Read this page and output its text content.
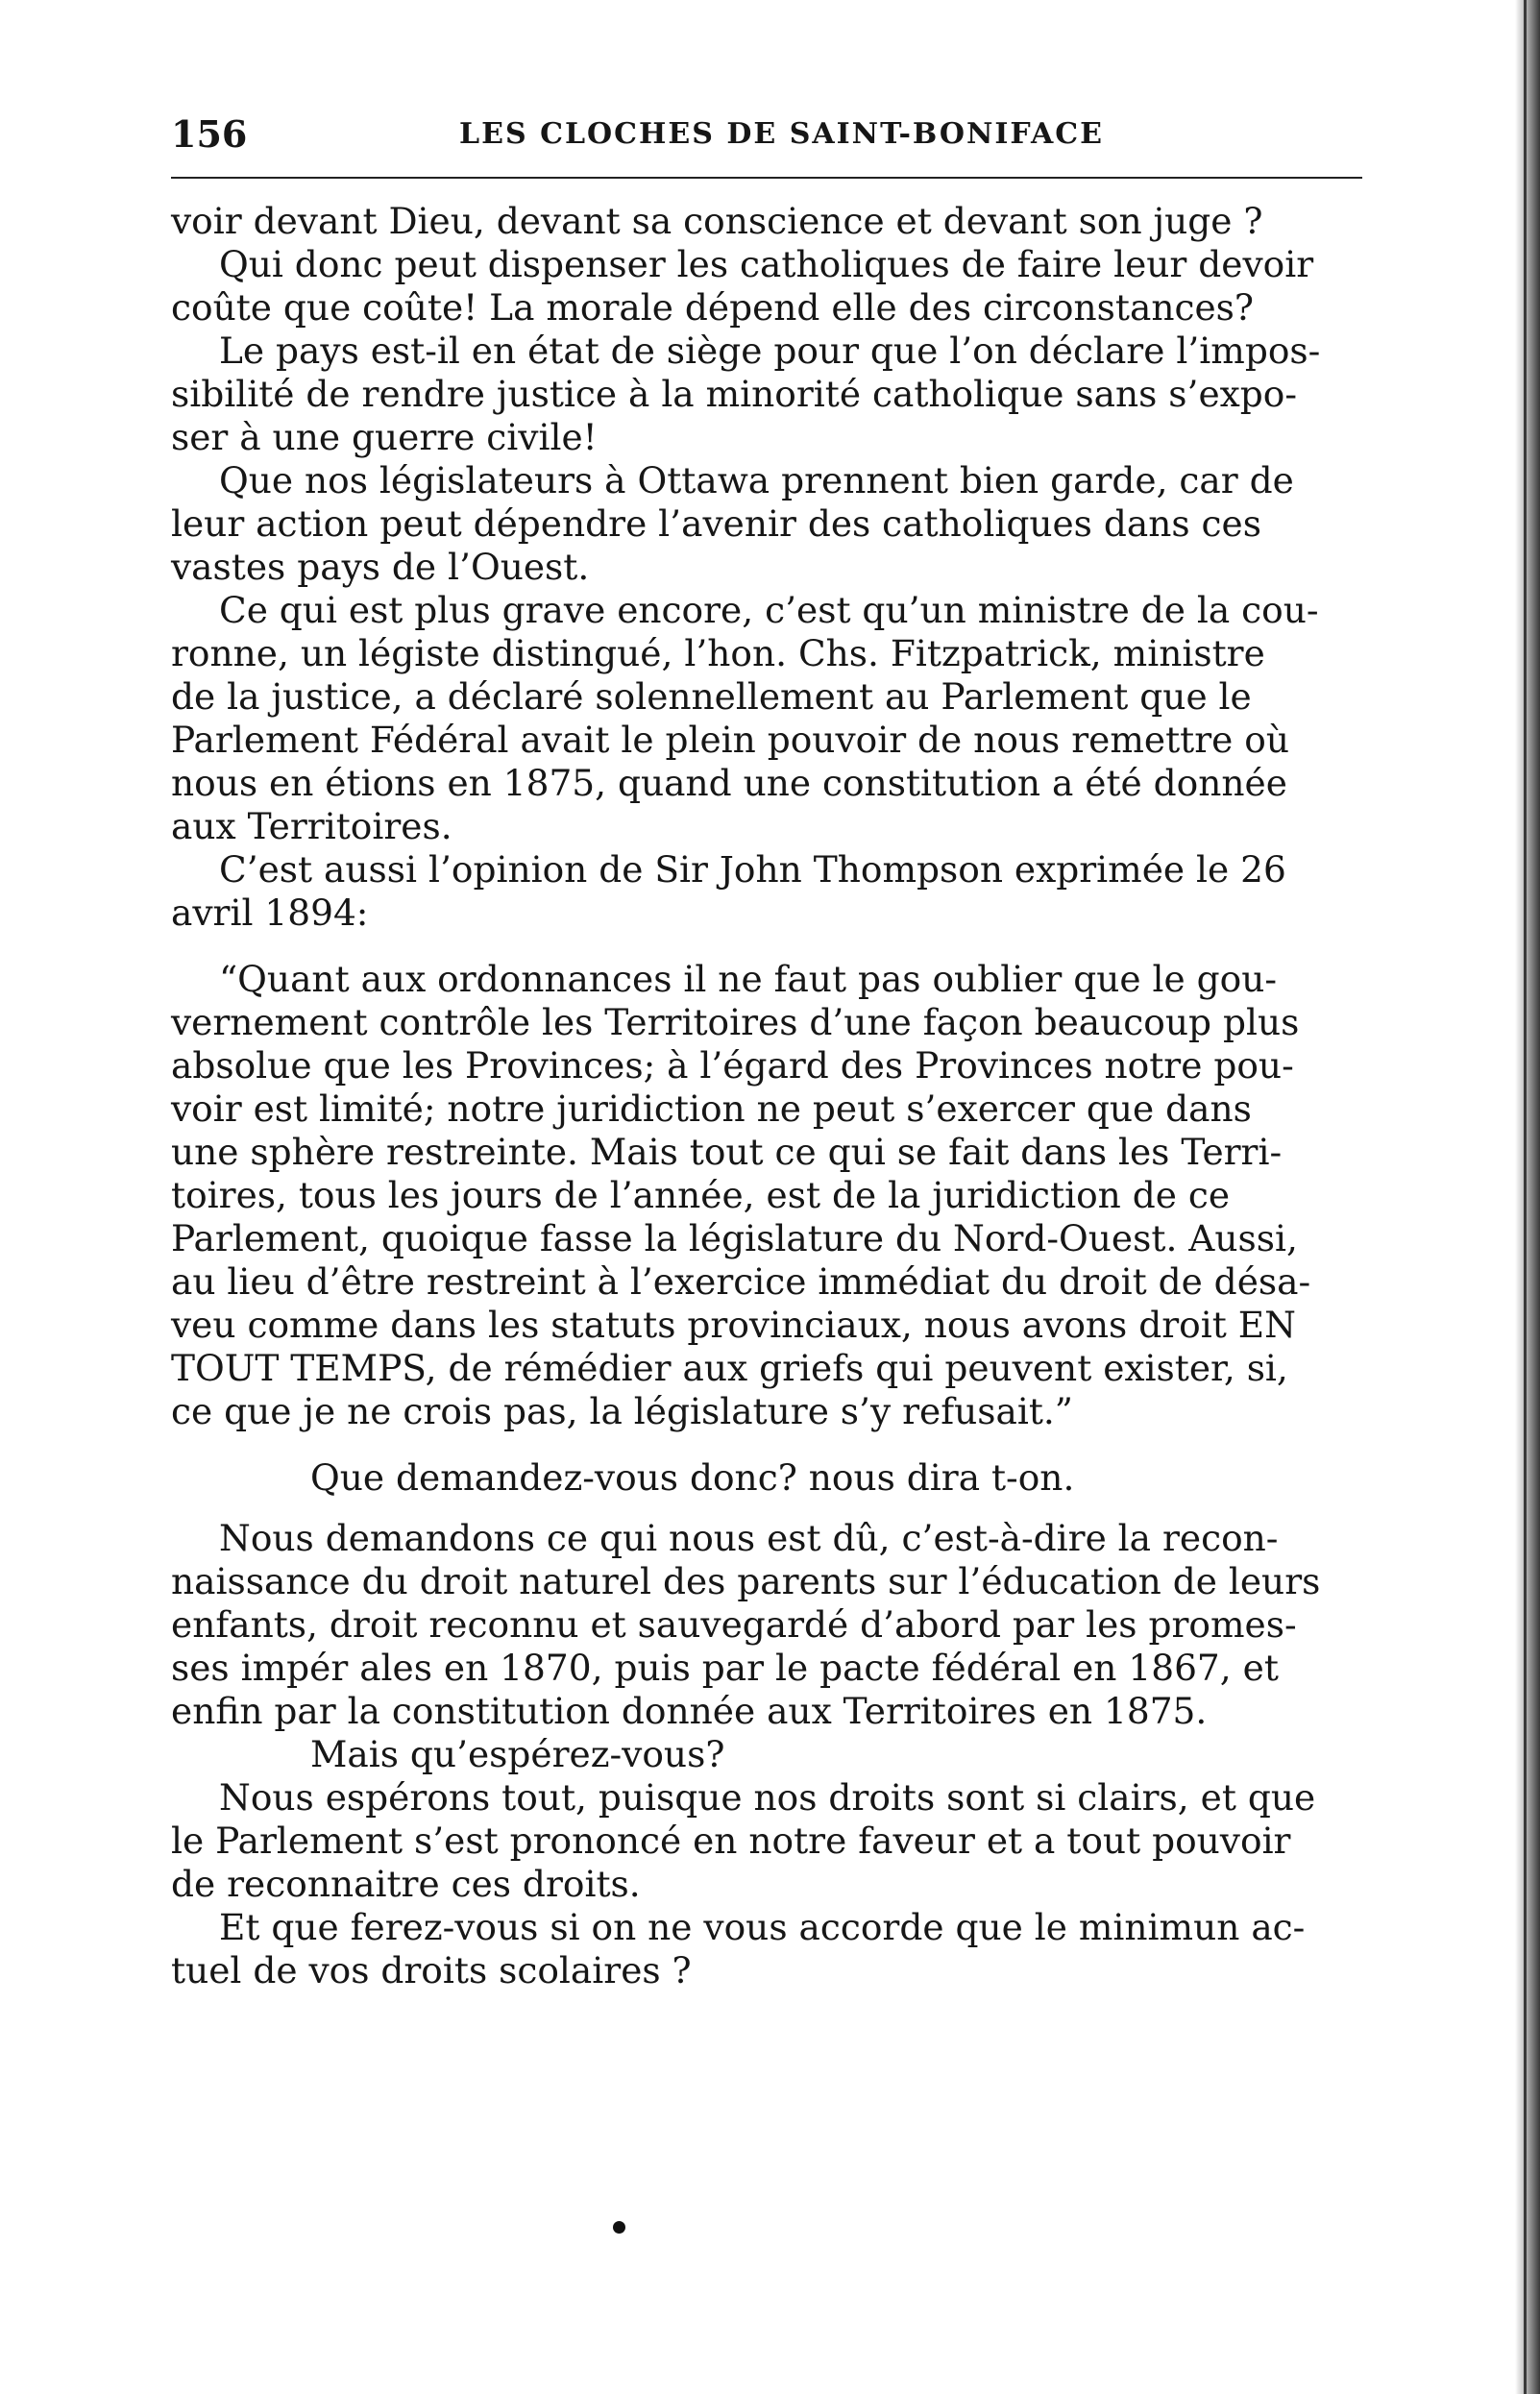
156	LES CLOCHES DE SAINT-BONIFACE
voir devant Dieu, devant sa conscience et devant son juge ?
Qui donc peut dispenser les catholiques de faire leur devoir
coûte que coûte! La morale dépend elle des circonstances?
Le pays est-il en état de siège pour que l’on déclare l’impos-
sibilité de rendre justice à la minorité catholique sans s’expo-
ser à une guerre civile!
Que nos législateurs à Ottawa prennent bien garde, car de
leur action peut dépendre l’avenir des catholiques dans ces
vastes pays de l’Ouest.
Ce qui est plus grave encore, c’est qu’un ministre de la cou-
ronne, un légiste distingué, l’hon. Chs. Fitzpatrick, ministre
de la justice, a déclaré solennellement au Parlement que le
Parlement Fédéral avait le plein pouvoir de nous remettre où
nous en étions en 1875, quand une constitution a été donnée
aux Territoires.
C’est aussi l’opinion de Sir John Thompson exprimée le 26
avril 1894:
“Quant aux ordonnances il ne faut pas oublier que le gou-
vernement contrôle les Territoires d’une façon beaucoup plus
absolue que les Provinces; à l’égard des Provinces notre pou-
voir est limité; notre juridiction ne peut s’exercer que dans
une sphère restreinte. Mais tout ce qui se fait dans les Terri-
toires, tous les jours de l’année, est de la juridiction de ce
Parlement, quoique fasse la législature du Nord-Ouest. Aussi,
au lieu d’être restreint à l’exercice immédiat du droit de désa-
veu comme dans les statuts provinciaux, nous avons droit EN
TOUT TEMPS, de rémédier aux griefs qui peuvent exister, si,
ce que je ne crois pas, la législature s’y refusait.”
Que demandez-vous donc? nous dira t-on.
Nous demandons ce qui nous est dû, c’est-à-dire la recon-
naissance du droit naturel des parents sur l’éducation de leurs
enfants, droit reconnu et sauvegardé d’abord par les promes-
ses impér ales en 1870, puis par le pacte fédéral en 1867, et
enfin par la constitution donnée aux Territoires en 1875.
Mais qu’espérez-vous?
Nous espérons tout, puisque nos droits sont si clairs, et que
le Parlement s’est prononcé en notre faveur et a tout pouvoir
de reconnaitre ces droits.
Et que ferez-vous si on ne vous accorde que le minimun ac-
tuel de vos droits scolaires ?
